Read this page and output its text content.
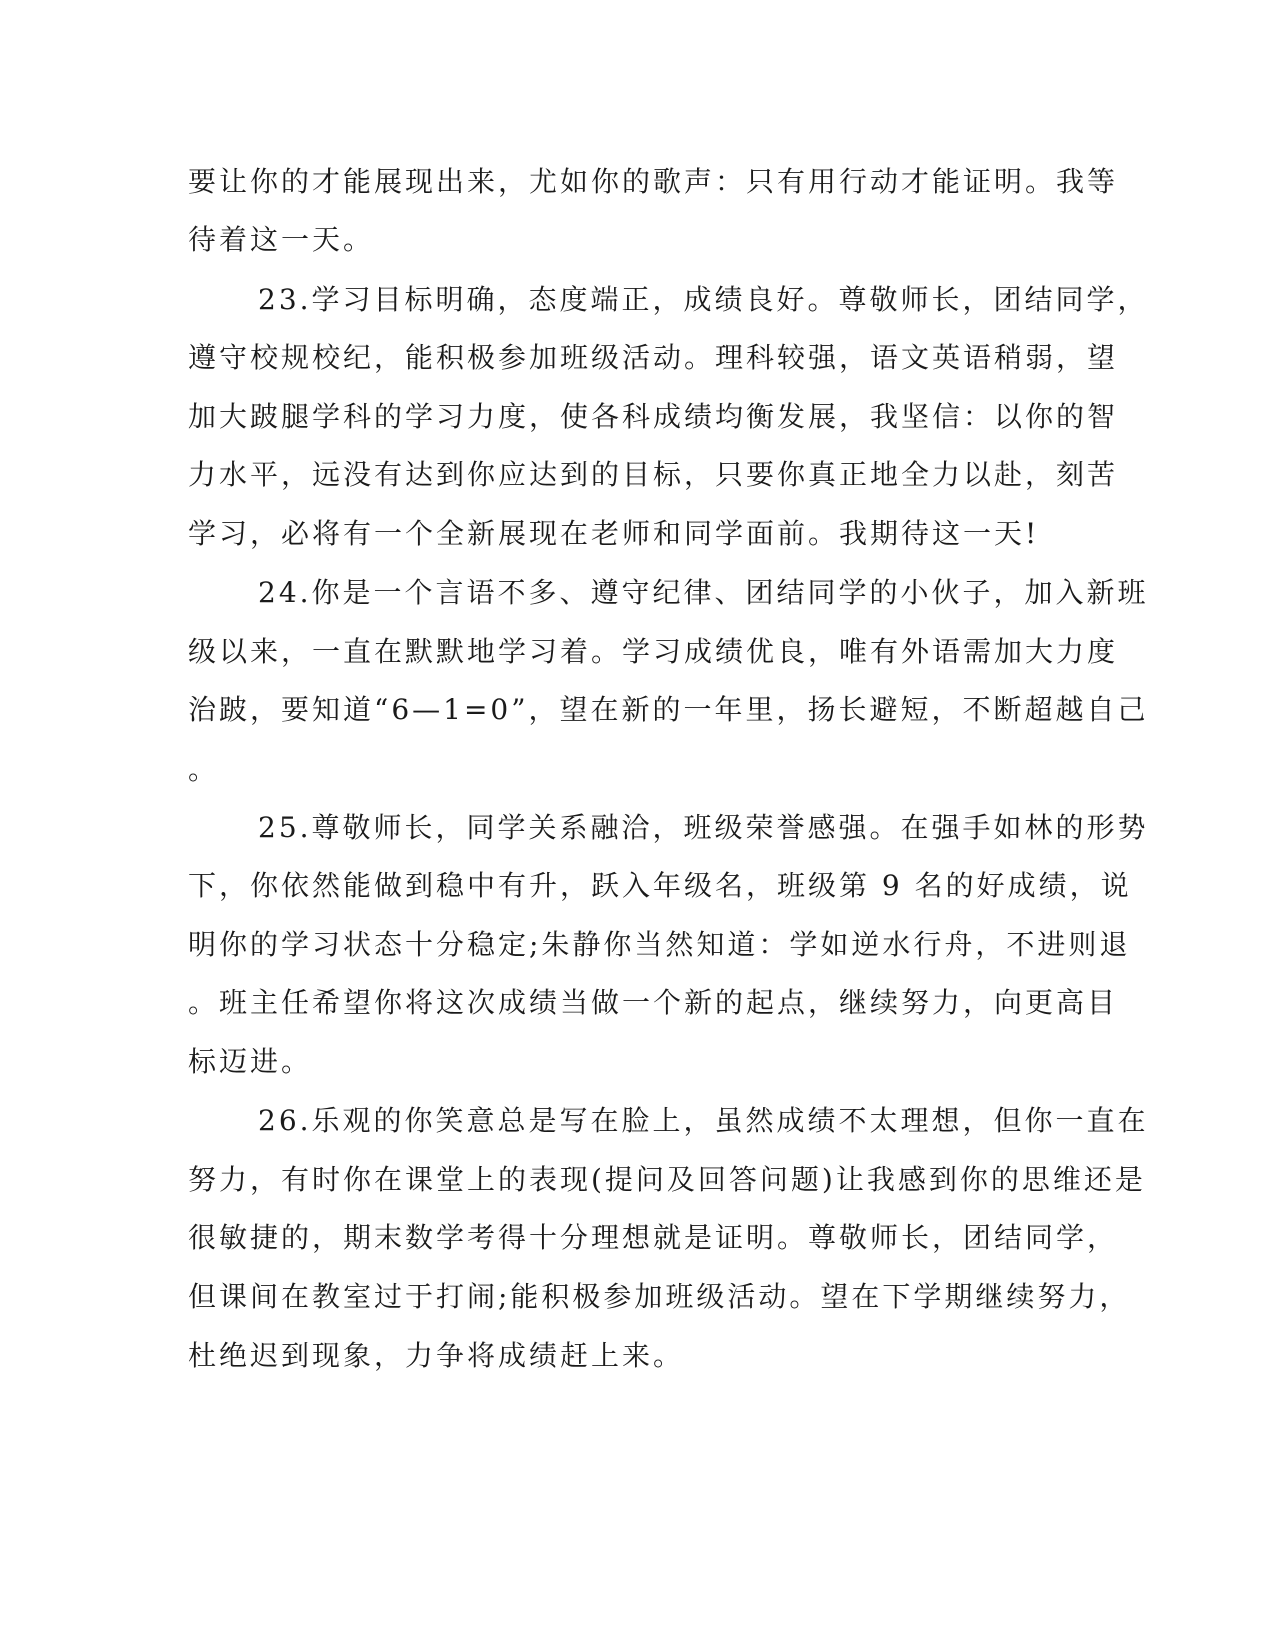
要让你的才能展现出来，尤如你的歌声：只有用行动才能证明。我等
待着这一天。
23.学习目标明确，态度端正，成绩良好。尊敬师长，团结同学，
遵守校规校纪，能积极参加班级活动。理科较强，语文英语稍弱，望
加大跛腿学科的学习力度，使各科成绩均衡发展，我坚信：以你的智
力水平，远没有达到你应达到的目标，只要你真正地全力以赴，刻苦
学习，必将有一个全新展现在老师和同学面前。我期待这一天!
24.你是一个言语不多、遵守纪律、团结同学的小伙子，加入新班
级以来，一直在默默地学习着。学习成绩优良，唯有外语需加大力度
治跛，要知道“6—1=0”，望在新的一年里，扬长避短，不断超越自己
。
25.尊敬师长，同学关系融洽，班级荣誉感强。在强手如林的形势
下，你依然能做到稳中有升，跃入年级名，班级第 9 名的好成绩，说
明你的学习状态十分稳定;朱静你当然知道：学如逆水行舟，不进则退
。班主任希望你将这次成绩当做一个新的起点，继续努力，向更高目
标迈进。
26.乐观的你笑意总是写在脸上，虽然成绩不太理想，但你一直在
努力，有时你在课堂上的表现(提问及回答问题)让我感到你的思维还是
很敏捷的，期末数学考得十分理想就是证明。尊敬师长，团结同学，
但课间在教室过于打闹;能积极参加班级活动。望在下学期继续努力，
杜绝迟到现象，力争将成绩赶上来。
